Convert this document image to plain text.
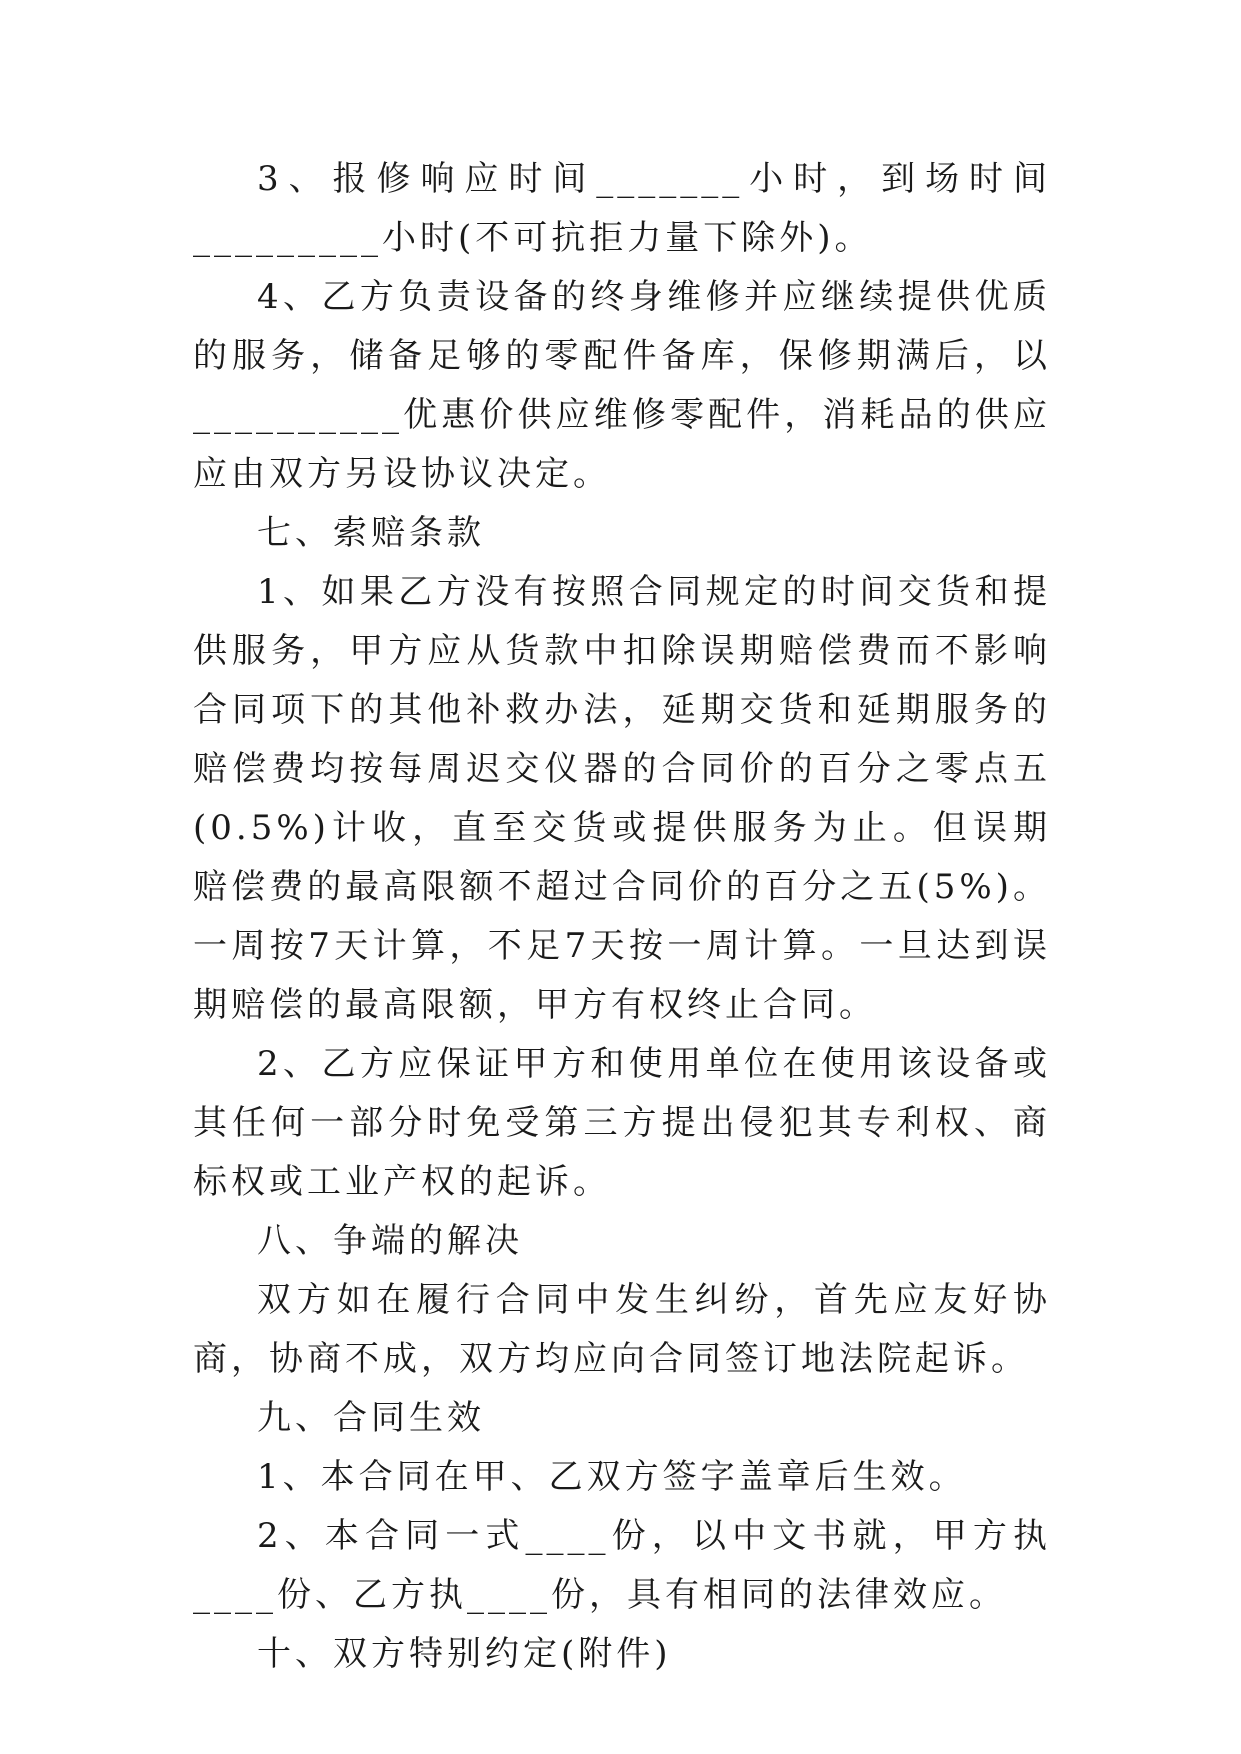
3、报修响应时间_______小时，到场时间_________小时(不可抗拒力量下除外)。

4、乙方负责设备的终身维修并应继续提供优质的服务，储备足够的零配件备库，保修期满后，以__________优惠价供应维修零配件，消耗品的供应应由双方另设协议决定。

七、索赔条款

1、如果乙方没有按照合同规定的时间交货和提供服务，甲方应从货款中扣除误期赔偿费而不影响合同项下的其他补救办法，延期交货和延期服务的赔偿费均按每周迟交仪器的合同价的百分之零点五(0.5%)计收，直至交货或提供服务为止。但误期赔偿费的最高限额不超过合同价的百分之五(5%)。一周按7天计算，不足7天按一周计算。一旦达到误期赔偿的最高限额，甲方有权终止合同。

2、乙方应保证甲方和使用单位在使用该设备或其任何一部分时免受第三方提出侵犯其专利权、商标权或工业产权的起诉。

八、争端的解决

双方如在履行合同中发生纠纷，首先应友好协商，协商不成，双方均应向合同签订地法院起诉。

九、合同生效

1、本合同在甲、乙双方签字盖章后生效。

2、本合同一式____份，以中文书就，甲方执____份、乙方执____份，具有相同的法律效应。

十、双方特别约定(附件)
